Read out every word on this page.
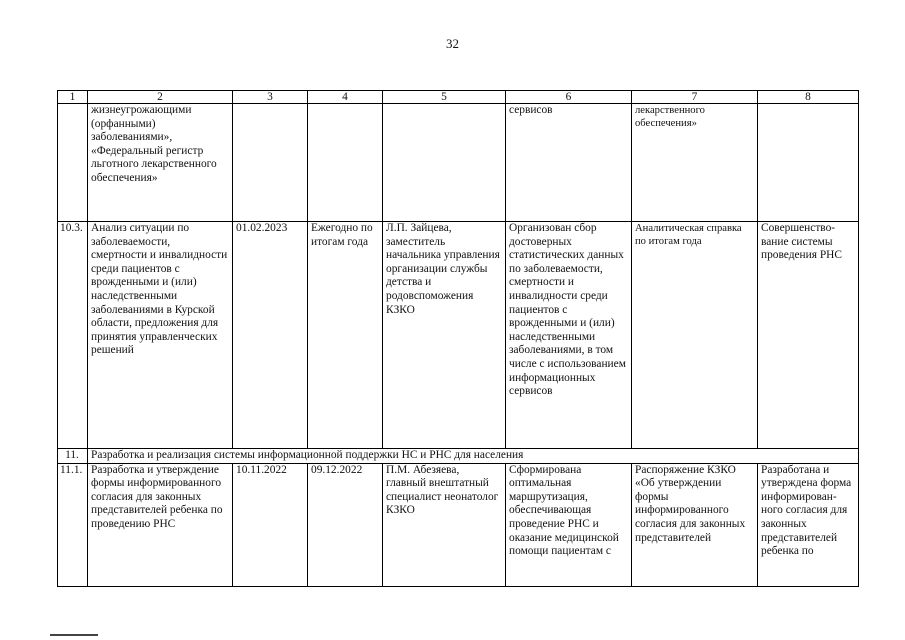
32
1	2	3	4	5	6	7	8
	жизнеугрожающими (орфанными) заболеваниями», «Федеральный регистр льготного лекарственного обеспечения»				сервисов	лекарственного обеспечения»	
10.3.	Анализ ситуации по заболеваемости, смертности и инвалидности среди пациентов с врожденными и (или) наследственными заболеваниями в Курской области, предложения для принятия управленческих решений	01.02.2023	Ежегодно по итогам года	Л.П. Зайцева, заместитель начальника управления организации службы детства и родовспоможения КЗКО	Организован сбор достоверных статистических данных по заболеваемости, смертности и инвалидности среди пациентов с врожденными и (или) наследственными заболеваниями, в том числе с использованием информационных сервисов	Аналитическая справка по итогам года	Совершенство-вание системы проведения РНС
11.	Разработка и реализация системы информационной поддержки НС и РНС для населения						
11.1.	Разработка и утверждение формы информированного согласия для законных представителей ребенка по проведению РНС	10.11.2022	09.12.2022	П.М. Абезяева, главный внештатный специалист неонатолог КЗКО	Сформирована оптимальная маршрутизация, обеспечивающая проведение РНС и оказание медицинской помощи пациентам с	Распоряжение КЗКО «Об утверждении формы информированного согласия для законных представителей	Разработана и утверждена форма информирован-ного согласия для законных представителей ребенка по
